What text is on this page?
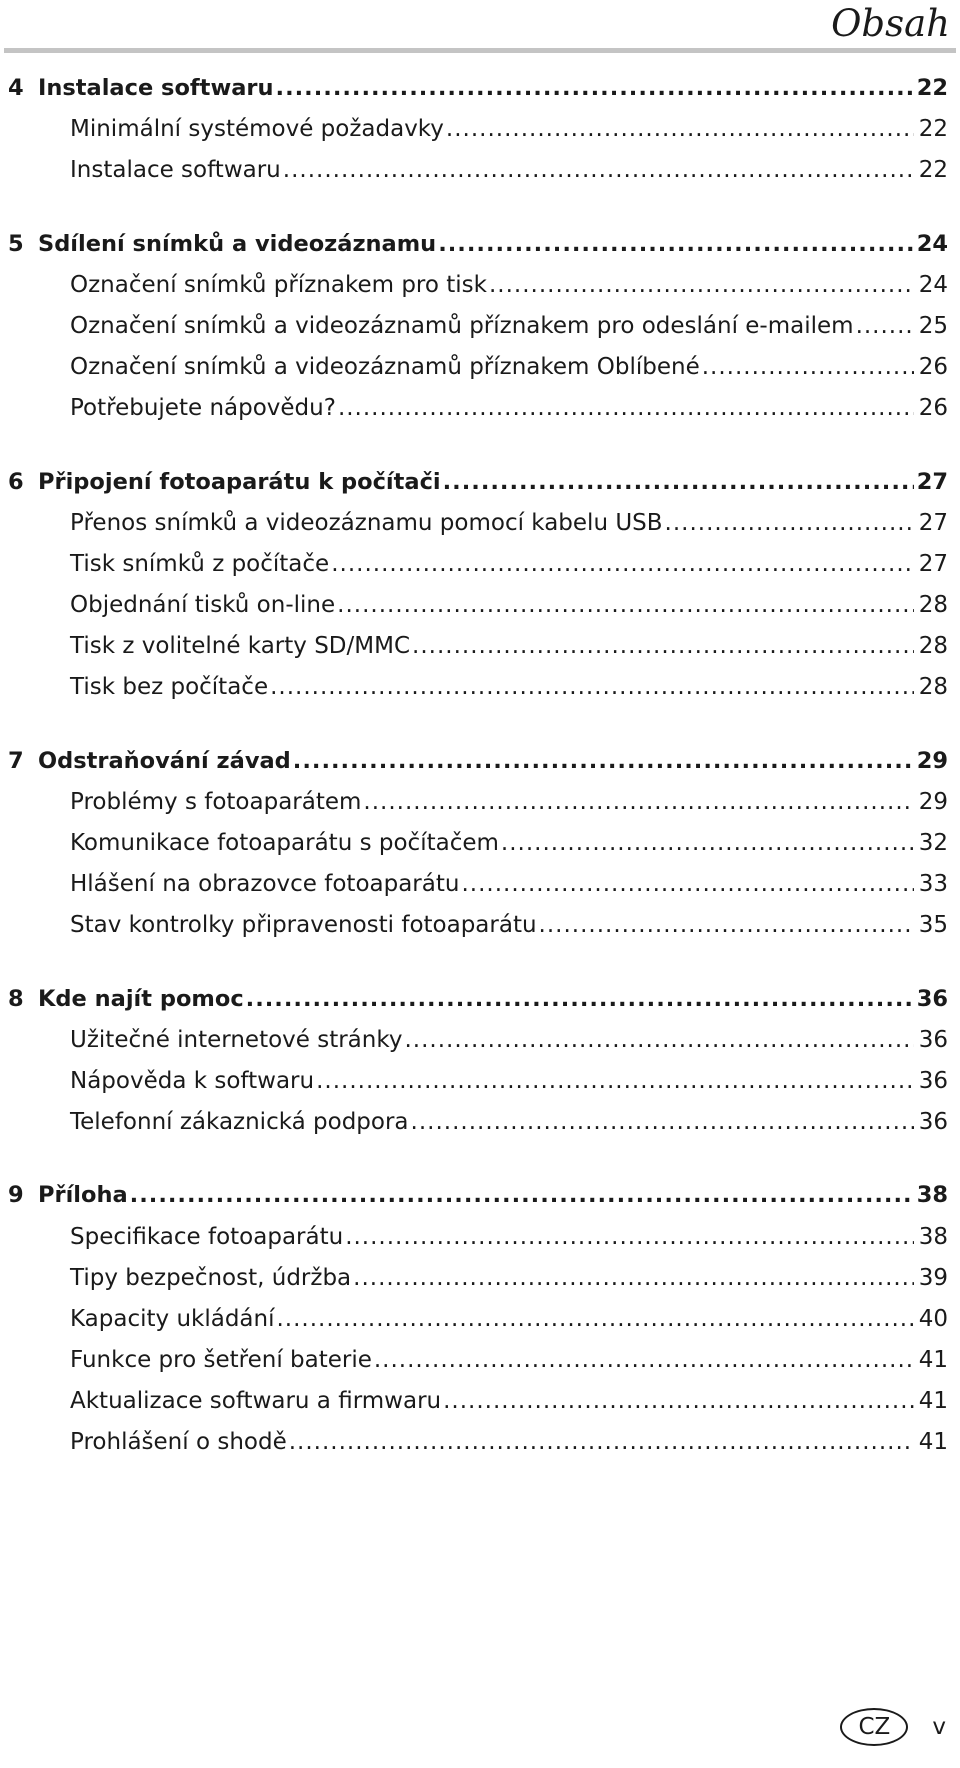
Obsah
4 Instalace softwaru .....	22
Minimální systémové požadavky .....	22
Instalace softwaru .....	22
5 Sdílení snímků a videozáznamu .....	24
Označení snímků příznakem pro tisk .....	24
Označení snímků a videozáznamů příznakem pro odeslání e-mailem .....	25
Označení snímků a videozáznamů příznakem Oblíbené .....	26
Potřebujete nápovědu? .....	26
6 Připojení fotoaparátu k počítači .....	27
Přenos snímků a videozáznamu pomocí kabelu USB .....	27
Tisk snímků z počítače .....	27
Objednání tisků on-line .....	28
Tisk z volitelné karty SD/MMC .....	28
Tisk bez počítače .....	28
7 Odstraňování závad .....	29
Problémy s fotoaparátem .....	29
Komunikace fotoaparátu s počítačem .....	32
Hlášení na obrazovce fotoaparátu .....	33
Stav kontrolky připravenosti fotoaparátu .....	35
8 Kde najít pomoc .....	36
Užitečné internetové stránky .....	36
Nápověda k softwaru .....	36
Telefonní zákaznická podpora .....	36
9 Příloha .....	38
Specifikace fotoaparátu .....	38
Tipy bezpečnost, údržba .....	39
Kapacity ukládání .....	40
Funkce pro šetření baterie .....	41
Aktualizace softwaru a firmwaru .....	41
Prohlášení o shodě .....	41
CZ	v
